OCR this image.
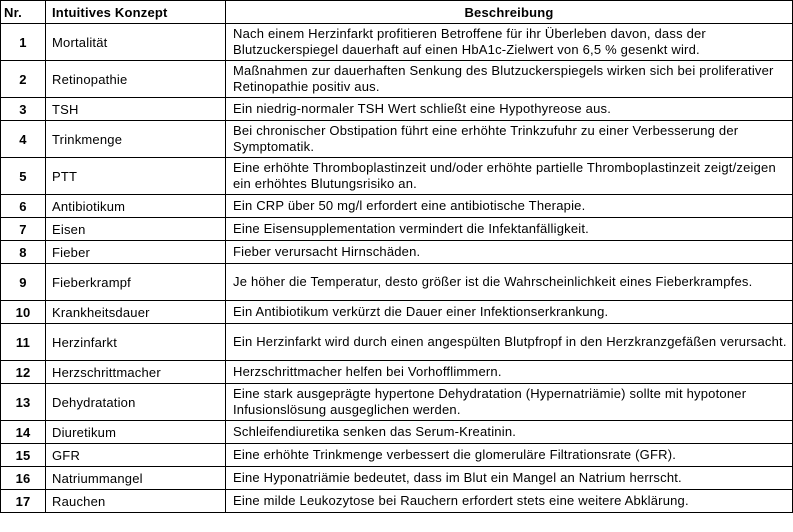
Nr.	Intuitives Konzept	Beschreibung
1	Mortalität	Nach einem Herzinfarkt profitieren Betroffene für ihr Überleben davon, dass der Blutzuckerspiegel dauerhaft auf einen HbA1c-Zielwert von 6,5 % gesenkt wird.
2	Retinopathie	Maßnahmen zur dauerhaften Senkung des Blutzuckerspiegels wirken sich bei proliferativer Retinopathie positiv aus.
3	TSH	Ein niedrig-normaler TSH Wert schließt eine Hypothyreose aus.
4	Trinkmenge	Bei chronischer Obstipation führt eine erhöhte Trinkzufuhr zu einer Verbesserung der Symptomatik.
5	PTT	Eine erhöhte Thromboplastinzeit und/oder erhöhte partielle Thromboplastinzeit zeigt/zeigen ein erhöhtes Blutungsrisiko an.
6	Antibiotikum	Ein CRP über 50 mg/l erfordert eine antibiotische Therapie.
7	Eisen	Eine Eisensupplementation vermindert die Infektanfälligkeit.
8	Fieber	Fieber verursacht Hirnschäden.
9	Fieberkrampf	Je höher die Temperatur, desto größer ist die Wahrscheinlichkeit eines Fieberkrampfes.
10	Krankheitsdauer	Ein Antibiotikum verkürzt die Dauer einer Infektionserkrankung.
11	Herzinfarkt	Ein Herzinfarkt wird durch einen angespülten Blutpfropf in den Herzkranzgefäßen verursacht.
12	Herzschrittmacher	Herzschrittmacher helfen bei Vorhofflimmern.
13	Dehydratation	Eine stark ausgeprägte hypertone Dehydratation (Hypernatriämie) sollte mit hypotoner Infusionslösung ausgeglichen werden.
14	Diuretikum	Schleifendiuretika senken das Serum-Kreatinin.
15	GFR	Eine erhöhte Trinkmenge verbessert die glomeruläre Filtrationsrate (GFR).
16	Natriummangel	Eine Hyponatriämie bedeutet, dass im Blut ein Mangel an Natrium herrscht.
17	Rauchen	Eine milde Leukozytose bei Rauchern erfordert stets eine weitere Abklärung.
